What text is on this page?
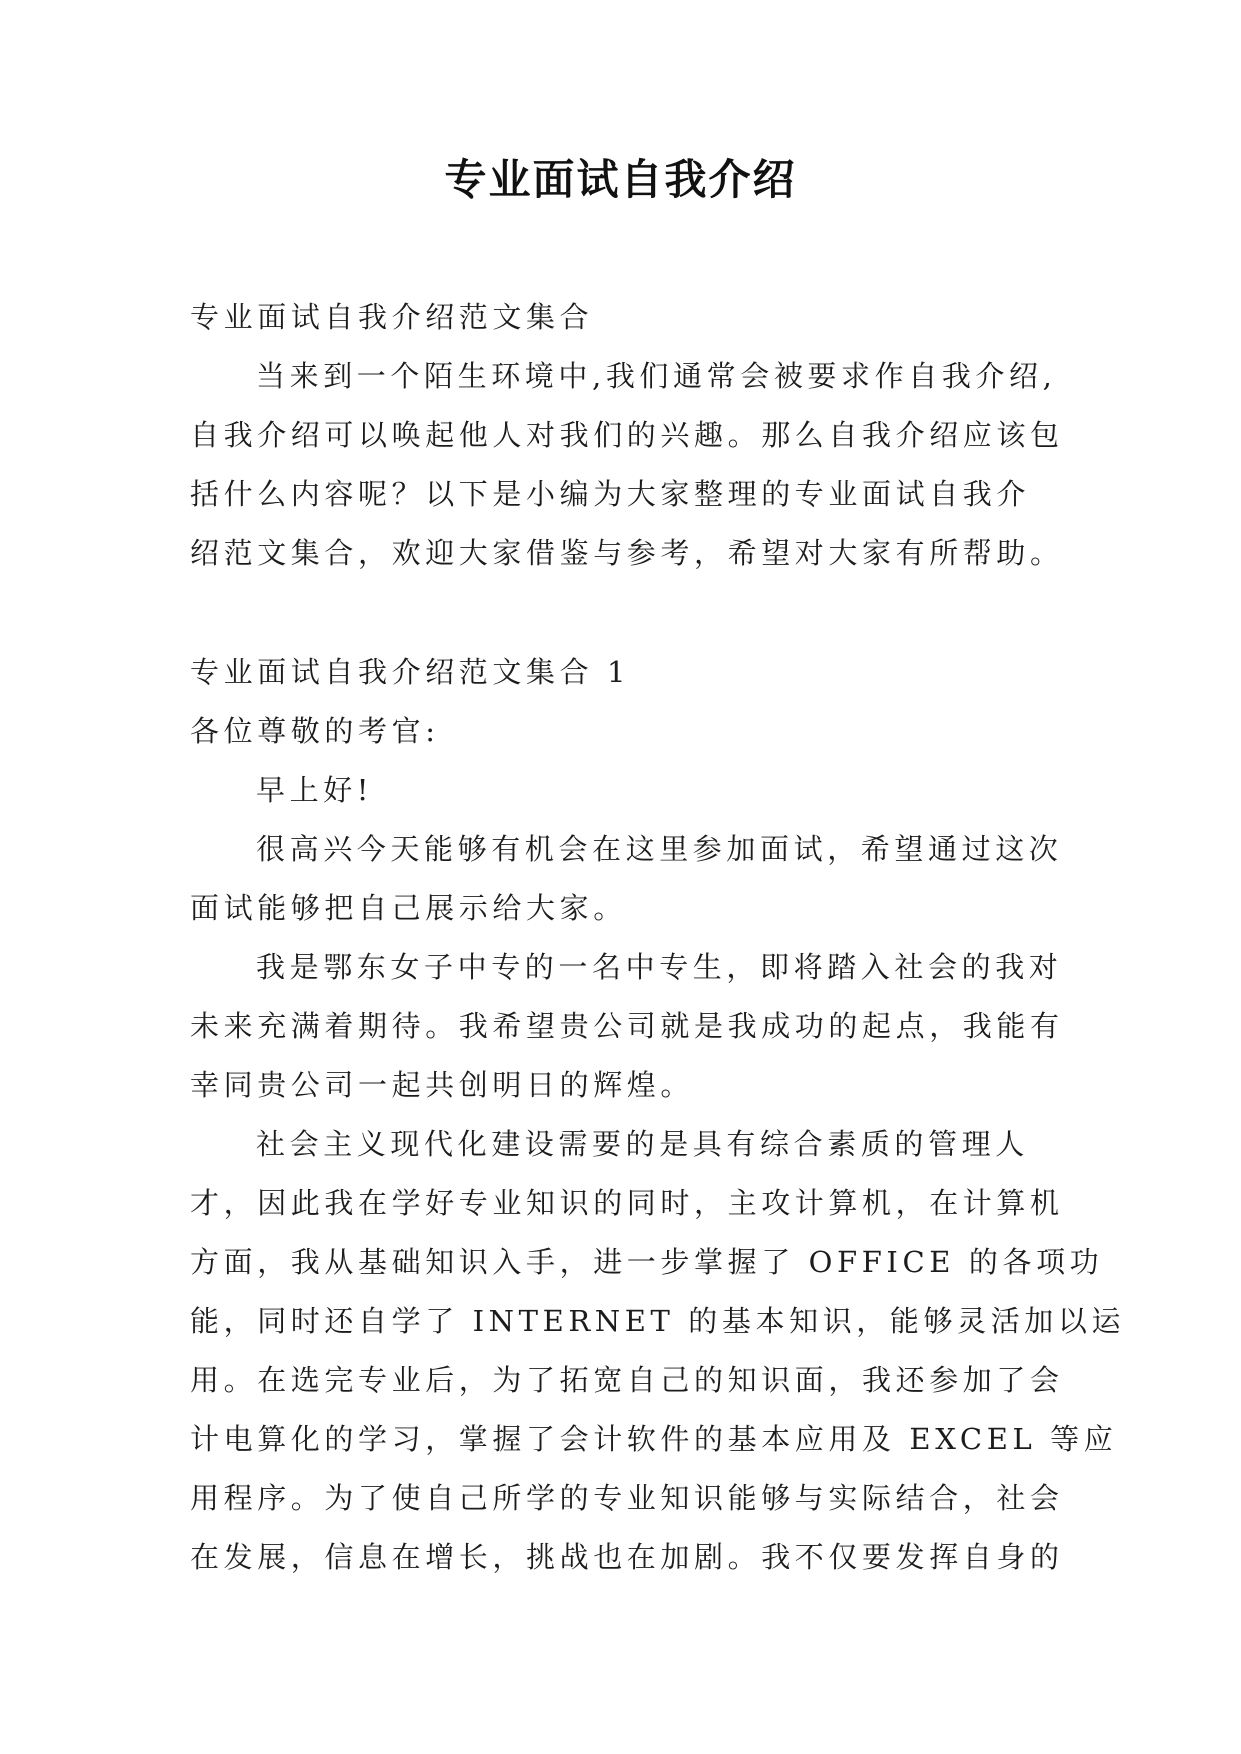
专业面试自我介绍
专业面试自我介绍范文集合
当来到一个陌生环境中,我们通常会被要求作自我介绍,
自我介绍可以唤起他人对我们的兴趣。那么自我介绍应该包
括什么内容呢？以下是小编为大家整理的专业面试自我介
绍范文集合，欢迎大家借鉴与参考，希望对大家有所帮助。
专业面试自我介绍范文集合 1
各位尊敬的考官:
早上好!
很高兴今天能够有机会在这里参加面试，希望通过这次
面试能够把自己展示给大家。
我是鄂东女子中专的一名中专生，即将踏入社会的我对
未来充满着期待。我希望贵公司就是我成功的起点，我能有
幸同贵公司一起共创明日的辉煌。
社会主义现代化建设需要的是具有综合素质的管理人
才，因此我在学好专业知识的同时，主攻计算机，在计算机
方面，我从基础知识入手，进一步掌握了 OFFICE 的各项功
能，同时还自学了 INTERNET 的基本知识，能够灵活加以运
用。在选完专业后，为了拓宽自己的知识面，我还参加了会
计电算化的学习，掌握了会计软件的基本应用及 EXCEL 等应
用程序。为了使自己所学的专业知识能够与实际结合，社会
在发展，信息在增长，挑战也在加剧。我不仅要发挥自身的
